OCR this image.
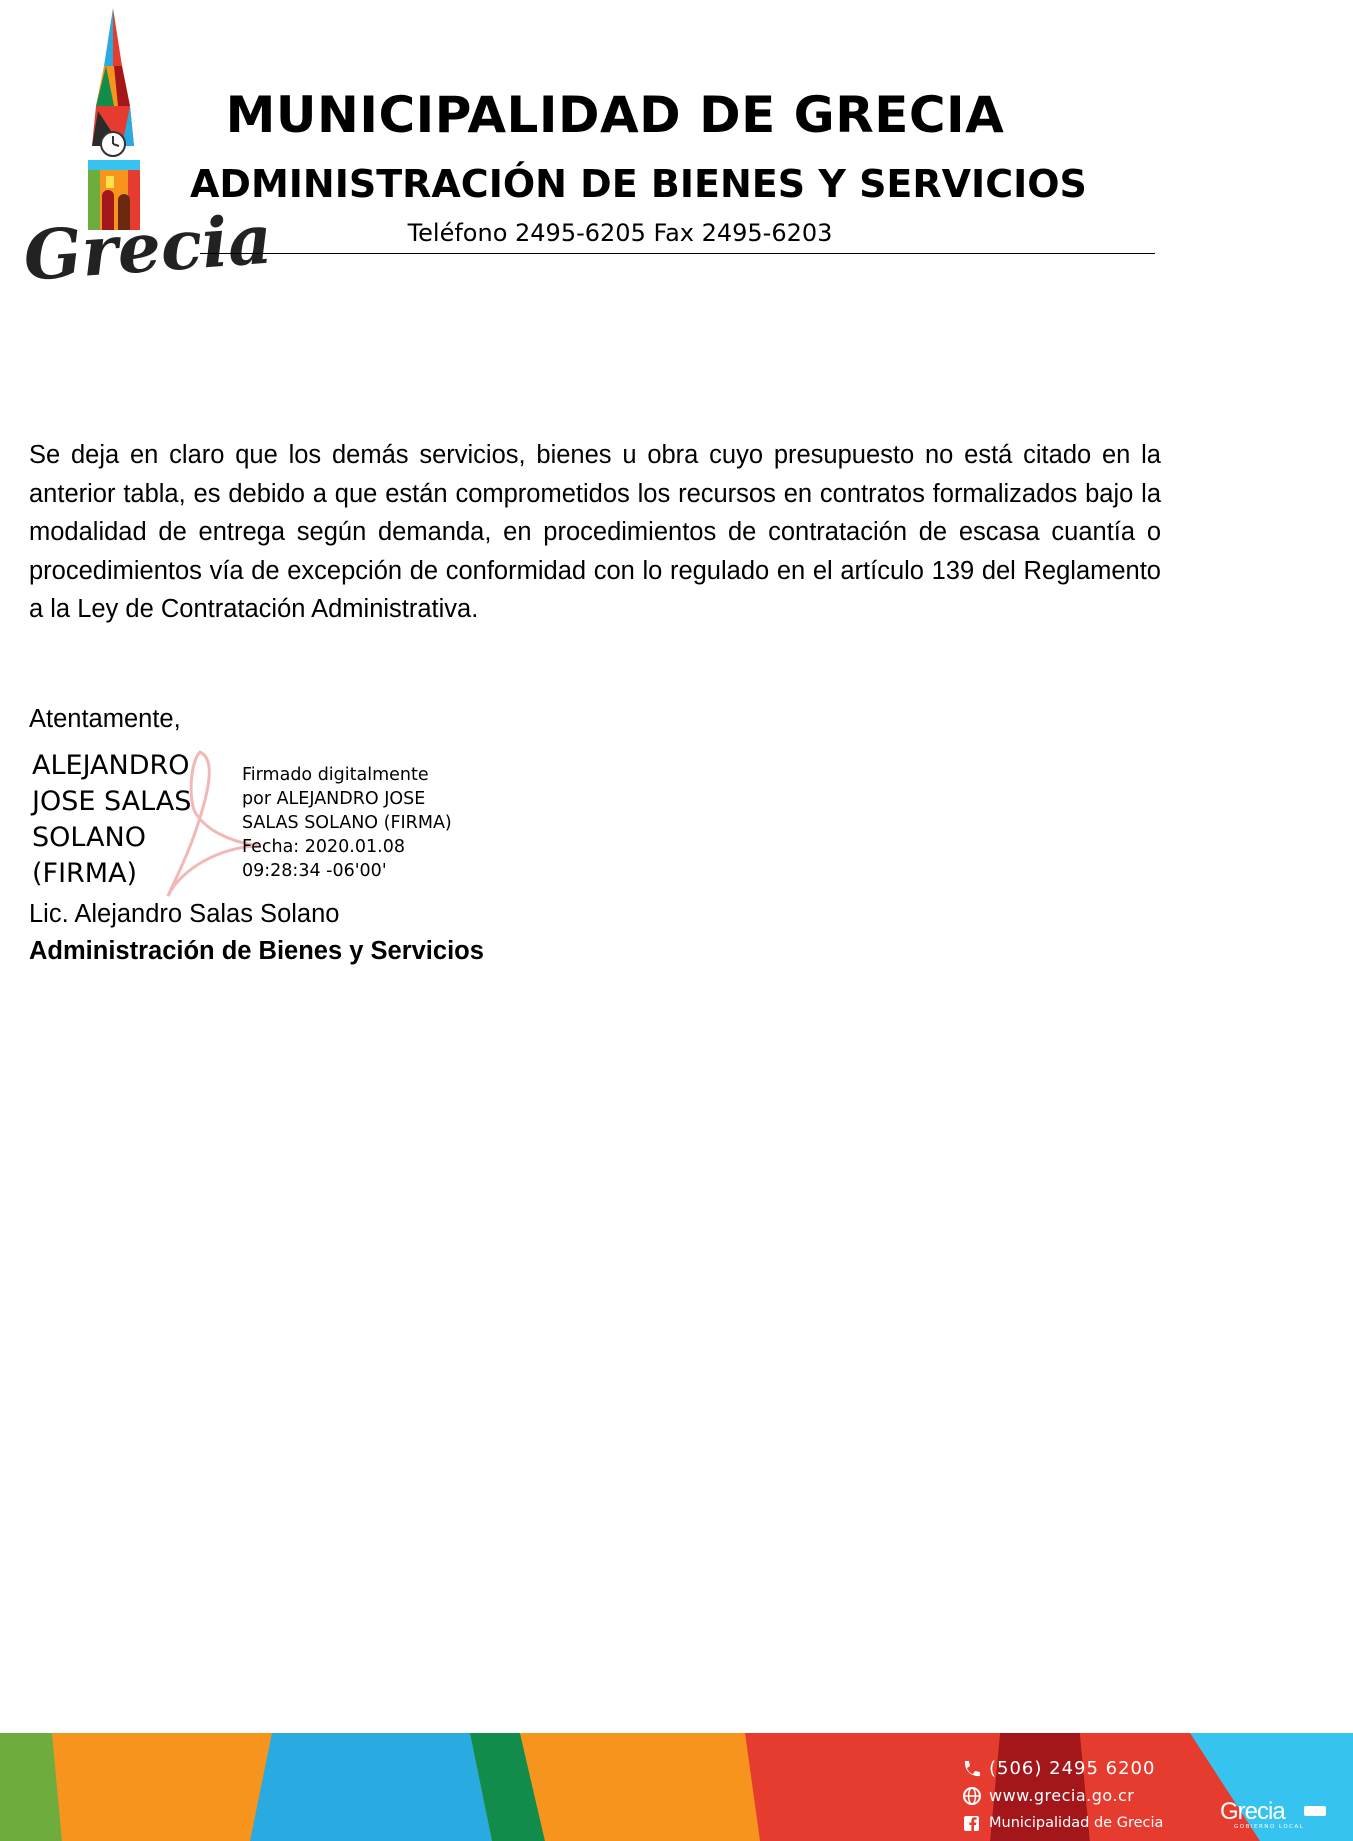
Grecia
MUNICIPALIDAD DE GRECIA
ADMINISTRACIÓN DE BIENES Y SERVICIOS
Teléfono 2495-6205 Fax 2495-6203
Se deja en claro que los demás servicios, bienes u obra cuyo presupuesto no está citado en la anterior tabla, es debido a que están comprometidos los recursos en contratos formalizados bajo la modalidad de entrega según demanda, en procedimientos de contratación de escasa cuantía o procedimientos vía de excepción de conformidad con lo regulado en el artículo 139 del Reglamento a la Ley de Contratación Administrativa.
Atentamente,
ALEJANDRO
JOSE SALAS
SOLANO
(FIRMA)
Firmado digitalmente
por ALEJANDRO JOSE
SALAS SOLANO (FIRMA)
Fecha: 2020.01.08
09:28:34 -06'00'
Lic. Alejandro Salas Solano
Administración de Bienes y Servicios
(506) 2495 6200
www.grecia.go.cr
Municipalidad de Grecia Grecia
GOBIERNO LOCAL
